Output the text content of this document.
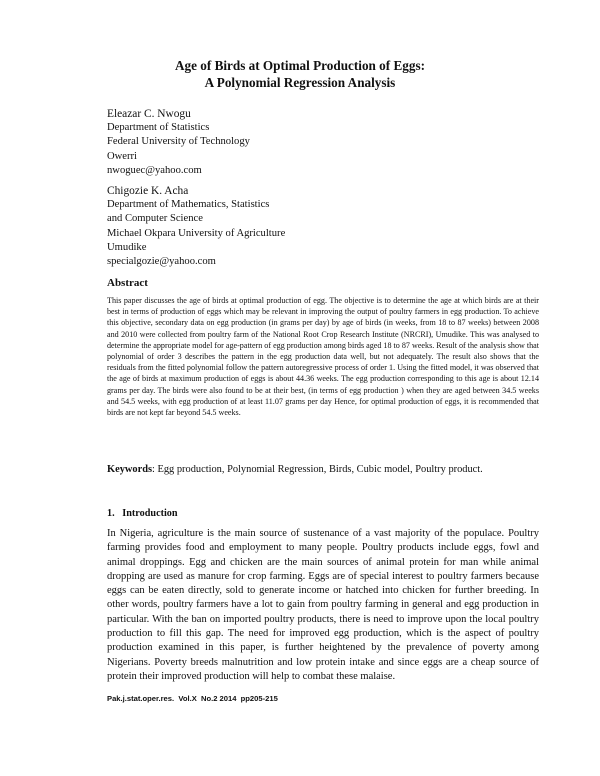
Age of Birds at Optimal Production of Eggs:
A Polynomial Regression Analysis
Eleazar C. Nwogu
Department of Statistics
Federal University of Technology
Owerri
nwoguec@yahoo.com
Chigozie K. Acha
Department of Mathematics, Statistics
and Computer Science
Michael Okpara University of Agriculture
Umudike
specialgozie@yahoo.com
Abstract

This paper discusses the age of birds at optimal production of egg. The objective is to determine the age at which birds are at their best in terms of production of eggs which may be relevant in improving the output of poultry farmers in egg production. To achieve this objective, secondary data on egg production (in grams per day) by age of birds (in weeks, from 18 to 87 weeks) between 2008 and 2010 were collected from poultry farm of the National Root Crop Research Institute (NRCRI), Umudike. This was analysed to determine the appropriate model for age-pattern of egg production among birds aged 18 to 87 weeks. Result of the analysis show that polynomial of order 3 describes the pattern in the egg production data well, but not adequately. The result also shows that the residuals from the fitted polynomial follow the pattern autoregressive process of order 1. Using the fitted model, it was observed that the age of birds at maximum production of eggs is about 44.36 weeks. The egg production corresponding to this age is about 12.14 grams per day. The birds were also found to be at their best, (in terms of egg production ) when they are aged between 34.5 weeks and 54.5 weeks, with egg production of at least 11.07 grams per day Hence, for optimal production of eggs, it is recommended that birds are not kept far beyond 54.5 weeks.

Keywords: Egg production, Polynomial Regression, Birds, Cubic model, Poultry product.

1.   Introduction

In Nigeria, agriculture is the main source of sustenance of a vast majority of the populace. Poultry farming provides food and employment to many people. Poultry products include eggs, fowl and animal droppings. Egg and chicken are the main sources of animal protein for man while animal dropping are used as manure for crop farming. Eggs are of special interest to poultry farmers because eggs can be eaten directly, sold to generate income or hatched into chicken for further breeding. In other words, poultry farmers have a lot to gain from poultry farming in general and egg production in particular. With the ban on imported poultry products, there is need to improve upon the local poultry production to fill this gap. The need for improved egg production, which is the aspect of poultry production examined in this paper, is further heightened by the prevalence of poverty among Nigerians. Poverty breeds malnutrition and low protein intake and since eggs are a cheap source of protein their improved production will help to combat these malaise.

Pak.j.stat.oper.res.  Vol.X  No.2 2014  pp205-215
